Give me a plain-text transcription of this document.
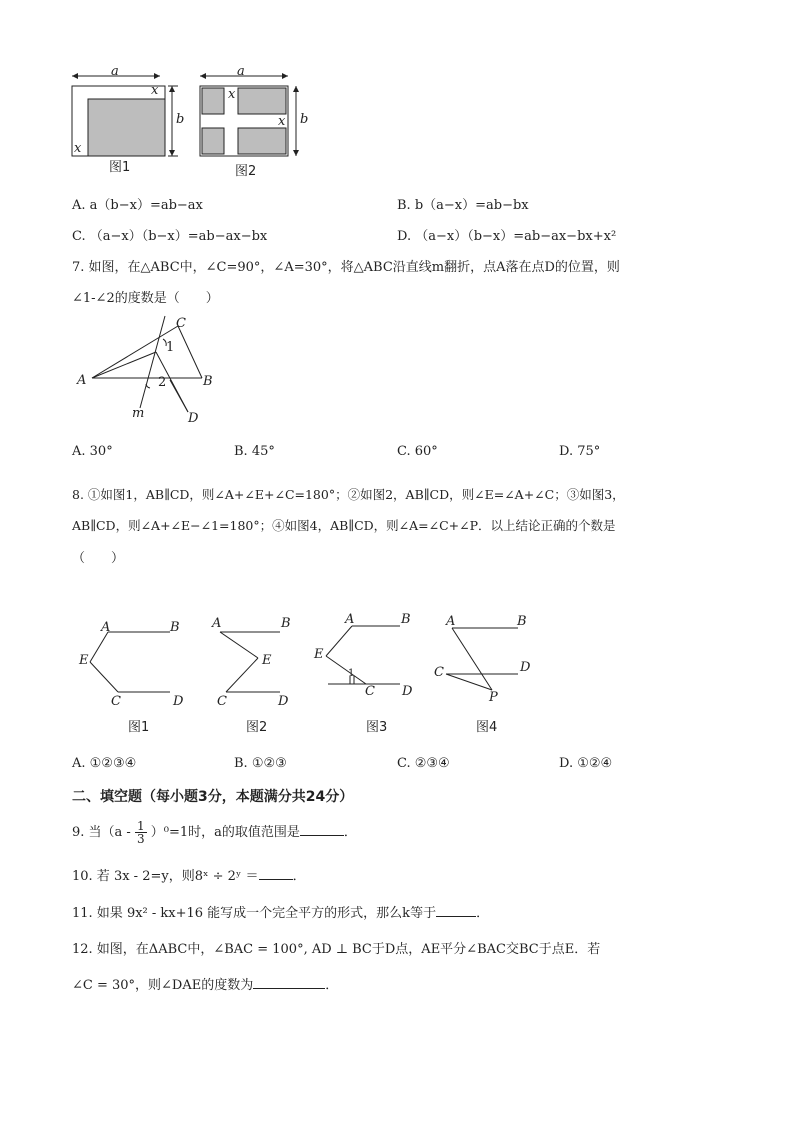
a
x
b
x
图1
a
x
x b
图2
A. a（b−x）=ab−ax	B. b（a−x）=ab−bx
C. （a−x）（b−x）=ab−ax−bx	D. （a−x）（b−x）=ab−ax−bx+x²
7. 如图，在△ABC中，∠C=90°，∠A=30°，将△ABC沿直线m翻折，点A落在点D的位置，则
∠1-∠2的度数是（　　）
A
C
1
2	B
m	D
A. 30°	B. 45°	C. 60°	D. 75°
8. ①如图1，AB∥CD，则∠A+∠E+∠C=180°；②如图2，AB∥CD，则∠E=∠A+∠C；③如图3，
AB∥CD，则∠A+∠E−∠1=180°；④如图4，AB∥CD，则∠A=∠C+∠P．以上结论正确的个数是
（　　）
A	B
E
C	D
图1
A	B
E
C	D
图2
A	B
E
1
C D
图3
A	B
D
C
P
图4
A. ①②③④	B. ①②③	C. ②③④	D. ①②④
二、填空题（每小题3分，本题满分共24分）
9. 当$(a - \frac{1}{3} )^0=1$时，a的取值范围是	．
10. 若 3x - 2=y，则8ˣ ÷ 2ʸ ＝	．
11. 如果 9x² - kx+16 能写成一个完全平方的形式，那么k等于	．
12. 如图，在ΔABC中，∠BAC = 100°, AD ⊥ BC于D点，AE平分∠BAC交BC于点E．若
∠C = 30°，则∠DAE的度数为	．
